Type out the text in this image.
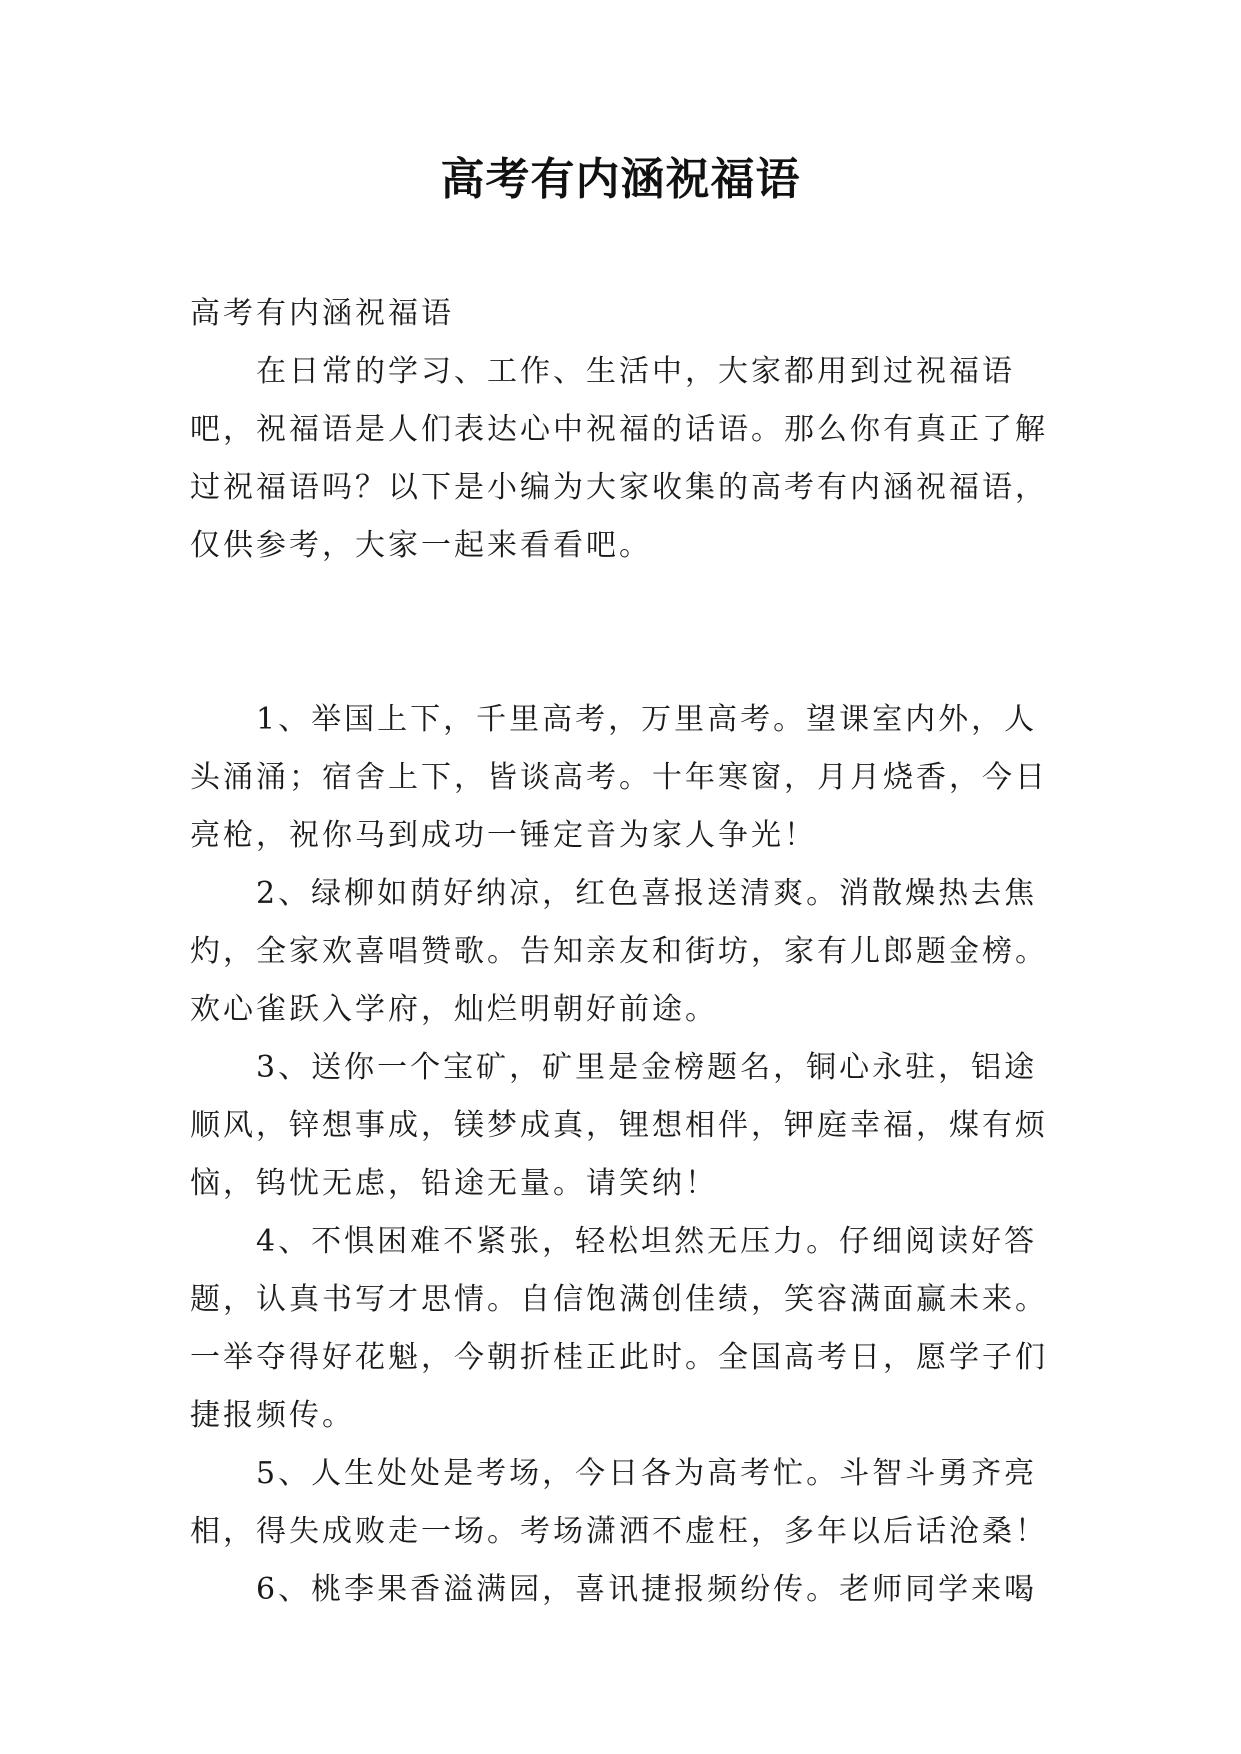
高考有内涵祝福语

高考有内涵祝福语

在日常的学习、工作、生活中，大家都用到过祝福语吧，祝福语是人们表达心中祝福的话语。那么你有真正了解过祝福语吗？以下是小编为大家收集的高考有内涵祝福语，仅供参考，大家一起来看看吧。

1、举国上下，千里高考，万里高考。望课室内外，人头涌涌；宿舍上下，皆谈高考。十年寒窗，月月烧香，今日亮枪，祝你马到成功一锤定音为家人争光！

2、绿柳如荫好纳凉，红色喜报送清爽。消散燥热去焦灼，全家欢喜唱赞歌。告知亲友和街坊，家有儿郎题金榜。欢心雀跃入学府，灿烂明朝好前途。

3、送你一个宝矿，矿里是金榜题名，铜心永驻，铝途顺风，锌想事成，镁梦成真，锂想相伴，钾庭幸福，煤有烦恼，钨忧无虑，铅途无量。请笑纳！

4、不惧困难不紧张，轻松坦然无压力。仔细阅读好答题，认真书写才思情。自信饱满创佳绩，笑容满面赢未来。一举夺得好花魁，今朝折桂正此时。全国高考日，愿学子们捷报频传。

5、人生处处是考场，今日各为高考忙。斗智斗勇齐亮相，得失成败走一场。考场潇洒不虚枉，多年以后话沧桑！

6、桃李果香溢满园，喜讯捷报频纷传。老师同学来喝
